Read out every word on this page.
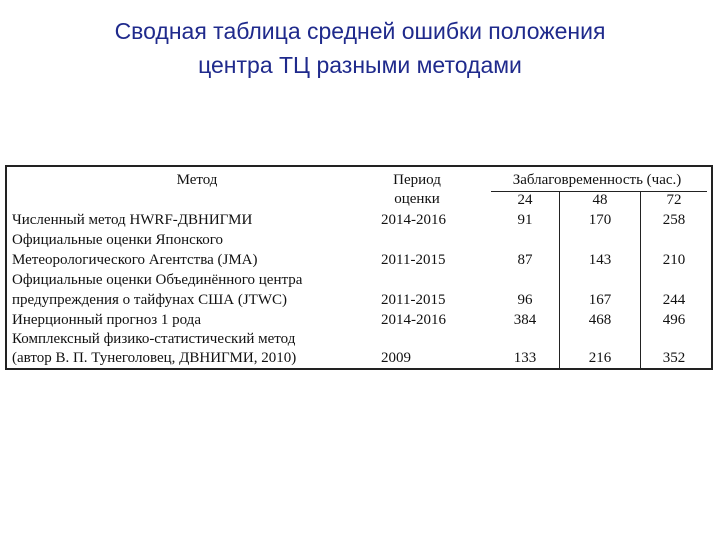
Сводная таблица средней ошибки положения
центра ТЦ разными методами
Метод	Период
оценки
Заблаговременность (час.)
24	48	72
Численный метод HWRF-ДВНИГМИ	2014-2016	91	170	258
Официальные оценки Японского
Метеорологического Агентства (JMA)	2011-2015	87	143	210
Официальные оценки Объединённого центра
предупреждения о тайфунах США (JTWC)	2011-2015	96	167	244
Инерционный прогноз 1 рода	2014-2016	384	468	496
Комплексный физико-статистический метод
(автор В. П. Тунеголовец, ДВНИГМИ, 2010)	2009	133	216	352
